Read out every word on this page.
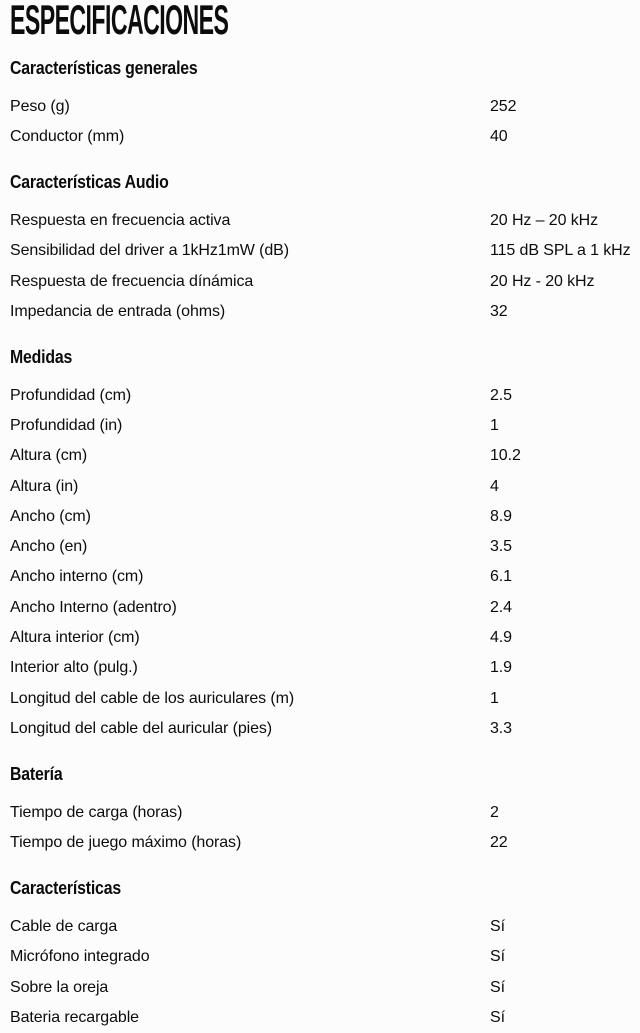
ESPECIFICACIONES
Características generales
Peso (g)	252
Conductor (mm)	40
Características Audio
Respuesta en frecuencia activa	20 Hz – 20 kHz
Sensibilidad del driver a 1kHz1mW (dB)	115 dB SPL a 1 kHz
Respuesta de frecuencia dínámica	20 Hz - 20 kHz
Impedancia de entrada (ohms)	32
Medidas
Profundidad (cm)	2.5
Profundidad (in)	1
Altura (cm)	10.2
Altura (in)	4
Ancho (cm)	8.9
Ancho (en)	3.5
Ancho interno (cm)	6.1
Ancho Interno (adentro)	2.4
Altura interior (cm)	4.9
Interior alto (pulg.)	1.9
Longitud del cable de los auriculares (m)	1
Longitud del cable del auricular (pies)	3.3
Batería
Tiempo de carga (horas)	2
Tiempo de juego máximo (horas)	22
Características
Cable de carga	Sí
Micrófono integrado	Sí
Sobre la oreja	Sí
Bateria recargable	Sí
